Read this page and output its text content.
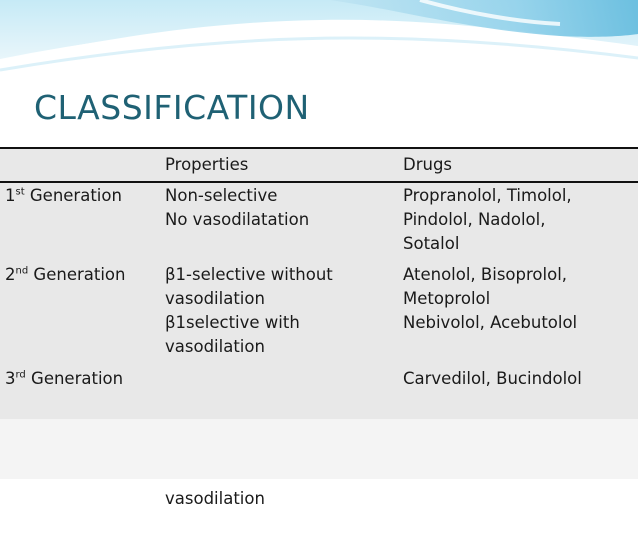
CLASSIFICATION
Properties	Drugs
1st Generation	Non-selective
No vasodilatation
Propranolol, Timolol,
Pindolol, Nadolol,
Sotalol
2nd Generation β1-selective without
vasodilation
β1selective with
vasodilation
Atenolol, Bisoprolol,
Metoprolol
Nebivolol, Acebutolol
3rd Generation

vasodilation

Carvedilol, Bucindolol
